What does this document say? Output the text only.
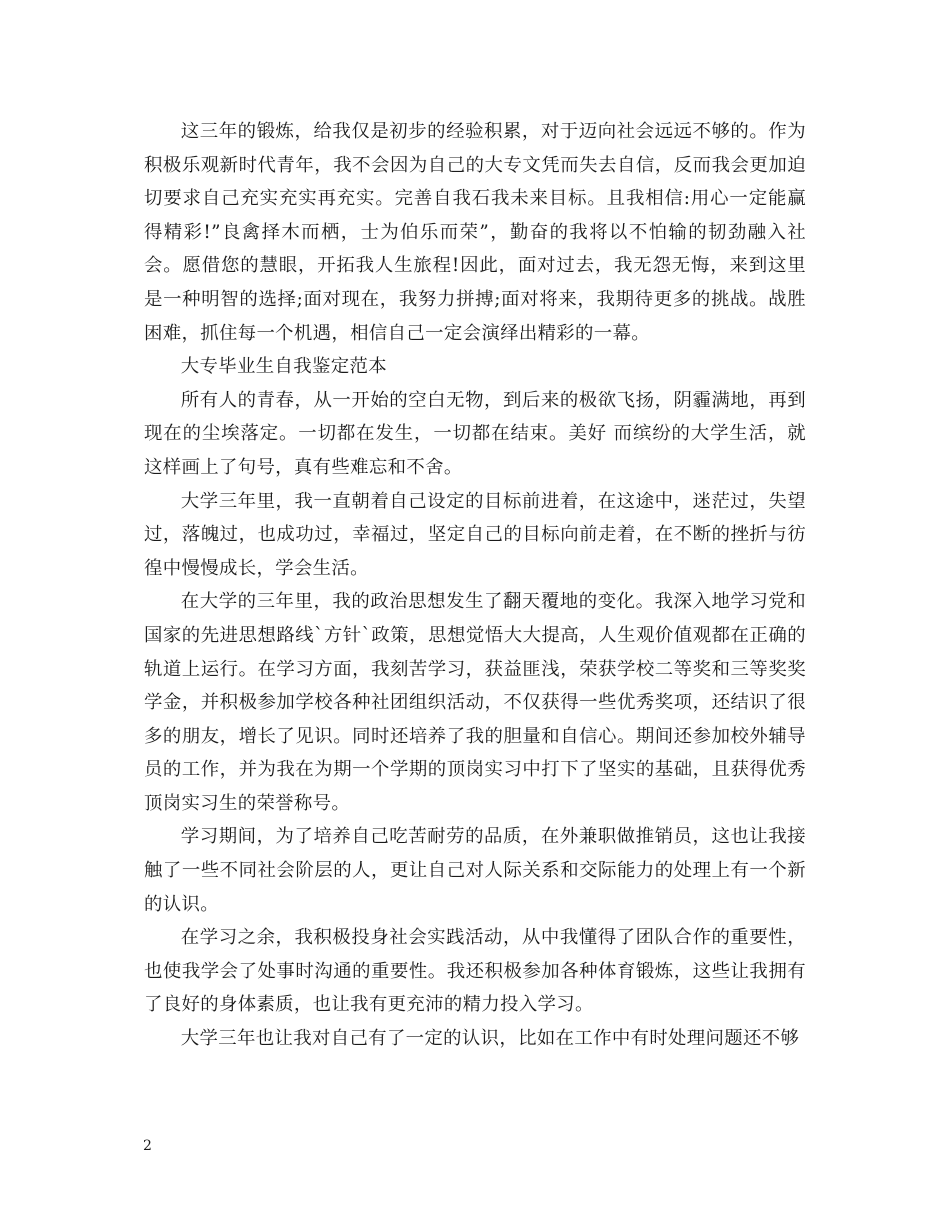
这三年的锻炼，给我仅是初步的经验积累，对于迈向社会远远不够的。作为积极乐观新时代青年，我不会因为自己的大专文凭而失去自信，反而我会更加迫切要求自己充实充实再充实。完善自我石我未来目标。且我相信:用心一定能赢得精彩!”良禽择木而栖，士为伯乐而荣”，勤奋的我将以不怕输的韧劲融入社会。愿借您的慧眼，开拓我人生旅程!因此，面对过去，我无怨无悔，来到这里是一种明智的选择;面对现在，我努力拼搏;面对将来，我期待更多的挑战。战胜困难，抓住每一个机遇，相信自己一定会演绎出精彩的一幕。

大专毕业生自我鉴定范本

所有人的青春，从一开始的空白无物，到后来的极欲飞扬，阴霾满地，再到现在的尘埃落定。一切都在发生，一切都在结束。美好 而缤纷的大学生活，就这样画上了句号，真有些难忘和不舍。

大学三年里，我一直朝着自己设定的目标前进着，在这途中，迷茫过，失望过，落魄过，也成功过，幸福过，坚定自己的目标向前走着，在不断的挫折与彷徨中慢慢成长，学会生活。

在大学的三年里，我的政治思想发生了翻天覆地的变化。我深入地学习党和国家的先进思想路线`方针`政策，思想觉悟大大提高，人生观价值观都在正确的轨道上运行。在学习方面，我刻苦学习，获益匪浅，荣获学校二等奖和三等奖奖学金，并积极参加学校各种社团组织活动，不仅获得一些优秀奖项，还结识了很多的朋友，增长了见识。同时还培养了我的胆量和自信心。期间还参加校外辅导员的工作，并为我在为期一个学期的顶岗实习中打下了坚实的基础，且获得优秀顶岗实习生的荣誉称号。

学习期间，为了培养自己吃苦耐劳的品质，在外兼职做推销员，这也让我接触了一些不同社会阶层的人，更让自己对人际关系和交际能力的处理上有一个新的认识。

在学习之余，我积极投身社会实践活动，从中我懂得了团队合作的重要性，也使我学会了处事时沟通的重要性。我还积极参加各种体育锻炼，这些让我拥有了良好的身体素质，也让我有更充沛的精力投入学习。

大学三年也让我对自己有了一定的认识，比如在工作中有时处理问题还不够

2
